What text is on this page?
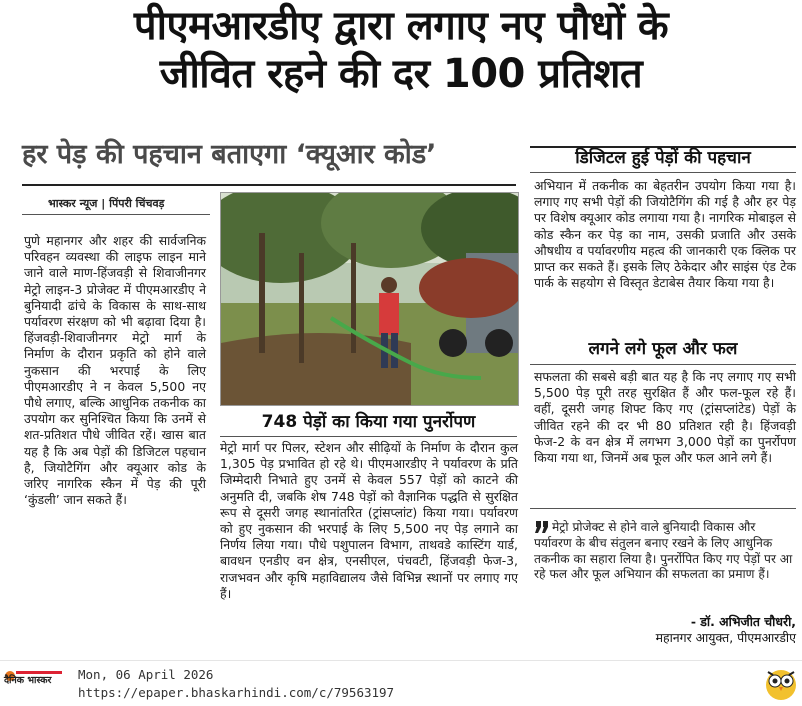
पीएमआरडीए द्वारा लगाए नए पौधों के
जीवित रहने की दर 100 प्रतिशत
हर पेड़ की पहचान बताएगा ‘क्यूआर कोड’
भास्कर न्यूज | पिंपरी चिंचवड़
पुणे महानगर और शहर की सार्वजनिक परिवहन व्यवस्था की लाइफ लाइन माने जाने वाले माण-हिंजवड़ी से शिवाजीनगर मेट्रो लाइन-3 प्रोजेक्ट में पीएमआरडीए ने बुनियादी ढांचे के विकास के साथ-साथ पर्यावरण संरक्षण को भी बढ़ावा दिया है। हिंजवड़ी-शिवाजीनगर मेट्रो मार्ग के निर्माण के दौरान प्रकृति को होने वाले नुकसान की भरपाई के लिए पीएमआरडीए ने न केवल 5,500 नए पौधे लगाए, बल्कि आधुनिक तकनीक का उपयोग कर सुनिश्चित किया कि उनमें से शत-प्रतिशत पौधे जीवित रहें। खास बात यह है कि अब पेड़ों की डिजिटल पहचान है, जियोटैगिंग और क्यूआर कोड के जरिए नागरिक स्कैन में पेड़ की पूरी ‘कुंडली’ जान सकते हैं।
748 पेड़ों का किया गया पुनर्रोपण
मेट्रो मार्ग पर पिलर, स्टेशन और सीढ़ियों के निर्माण के दौरान कुल 1,305 पेड़ प्रभावित हो रहे थे। पीएमआरडीए ने पर्यावरण के प्रति जिम्मेदारी निभाते हुए उनमें से केवल 557 पेड़ों को काटने की अनुमति दी, जबकि शेष 748 पेड़ों को वैज्ञानिक पद्धति से सुरक्षित रूप से दूसरी जगह स्थानांतरित (ट्रांसप्लांट) किया गया। पर्यावरण को हुए नुकसान की भरपाई के लिए 5,500 नए पेड़ लगाने का निर्णय लिया गया। पौधे पशुपालन विभाग, ताथवडे कास्टिंग यार्ड, बावधन एनडीए वन क्षेत्र, एनसीएल, पंचवटी, हिंजवड़ी फेज-3, राजभवन और कृषि महाविद्यालय जैसे विभिन्न स्थानों पर लगाए गए हैं।
डिजिटल हुई पेड़ों की पहचान
अभियान में तकनीक का बेहतरीन उपयोग किया गया है। लगाए गए सभी पेड़ों की जियोटैगिंग की गई है और हर पेड़ पर विशेष क्यूआर कोड लगाया गया है। नागरिक मोबाइल से कोड स्कैन कर पेड़ का नाम, उसकी प्रजाति और उसके औषधीय व पर्यावरणीय महत्व की जानकारी एक क्लिक पर प्राप्त कर सकते हैं। इसके लिए ठेकेदार और साइंस एंड टेक पार्क के सहयोग से विस्तृत डेटाबेस तैयार किया गया है।
लगने लगे फूल और फल
सफलता की सबसे बड़ी बात यह है कि नए लगाए गए सभी 5,500 पेड़ पूरी तरह सुरक्षित हैं और फल-फूल रहे हैं। वहीं, दूसरी जगह शिफ्ट किए गए (ट्रांसप्लांटेड) पेड़ों के जीवित रहने की दर भी 80 प्रतिशत रही है। हिंजवड़ी फेज-2 के वन क्षेत्र में लगभग 3,000 पेड़ों का पुनर्रोपण किया गया था, जिनमें अब फूल और फल आने लगे हैं।
मेट्रो प्रोजेक्ट से होने वाले बुनियादी विकास और पर्यावरण के बीच संतुलन बनाए रखने के लिए आधुनिक तकनीक का सहारा लिया है। पुनर्रोपित किए गए पेड़ों पर आ रहे फल और फूल अभियान की सफलता का प्रमाण हैं।
- डॉ. अभिजीत चौधरी,
महानगर आयुक्त, पीएमआरडीए
दैनिक भास्कर Mon, 06 April 2026
https://epaper.bhaskarhindi.com/c/79563197
